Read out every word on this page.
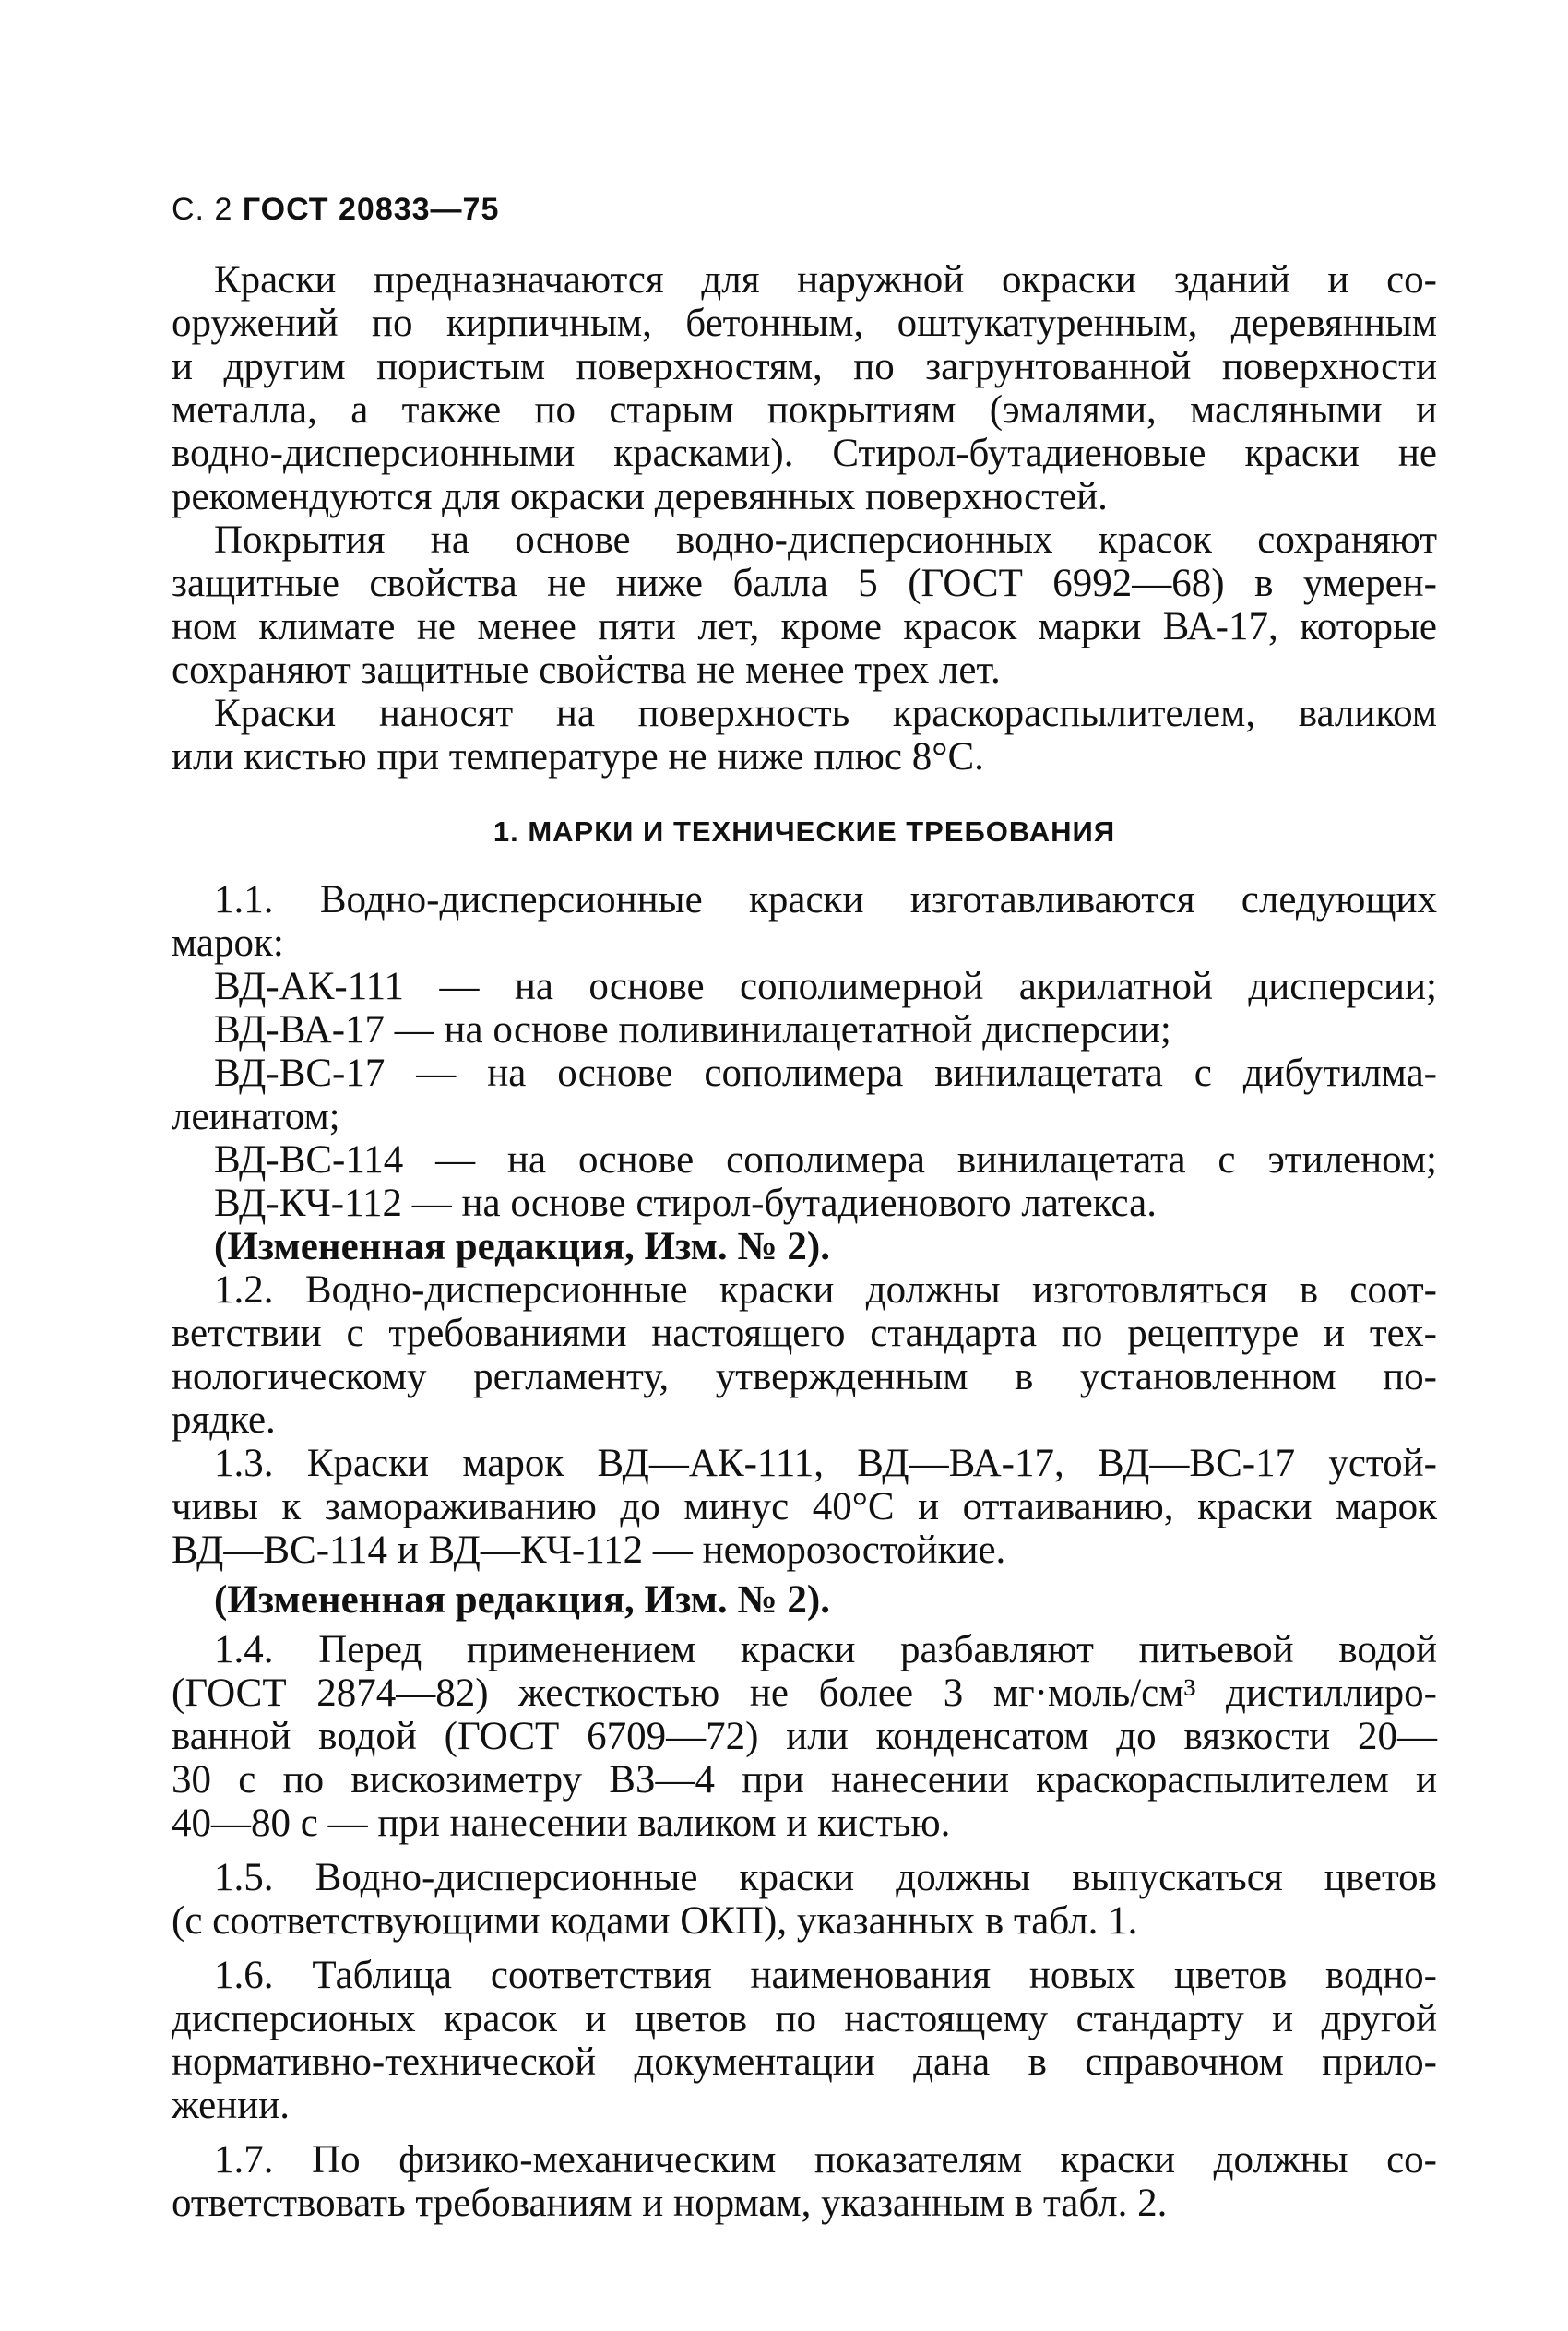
С. 2 ГОСТ 20833—75
Краски предназначаются для наружной окраски зданий и со-
оружений по кирпичным, бетонным, оштукатуренным, деревянным
и другим пористым поверхностям, по загрунтованной поверхности
металла, а также по старым покрытиям (эмалями, масляными и
водно-дисперсионными красками). Стирол-бутадиеновые краски не
рекомендуются для окраски деревянных поверхностей.
Покрытия на основе водно-дисперсионных красок сохраняют
защитные свойства не ниже балла 5 (ГОСТ 6992—68) в умерен-
ном климате не менее пяти лет, кроме красок марки ВА-17, которые
сохраняют защитные свойства не менее трех лет.
Краски наносят на поверхность краскораспылителем, валиком
или кистью при температуре не ниже плюс 8°С.
1. МАРКИ И ТЕХНИЧЕСКИЕ ТРЕБОВАНИЯ
1.1. Водно-дисперсионные краски изготавливаются следующих
марок:
ВД-АК-111 — на основе сополимерной акрилатной дисперсии;
ВД-ВА-17 — на основе поливинилацетатной дисперсии;
ВД-ВС-17 — на основе сополимера винилацетата с дибутилма-
леинатом;
ВД-ВС-114 — на основе сополимера винилацетата с этиленом;
ВД-КЧ-112 — на основе стирол-бутадиенового латекса.
(Измененная редакция, Изм. № 2).
1.2. Водно-дисперсионные краски должны изготовляться в соот-
ветствии с требованиями настоящего стандарта по рецептуре и тех-
нологическому регламенту, утвержденным в установленном по-
рядке.
1.3. Краски марок ВД—АК-111, ВД—ВА-17, ВД—ВС-17 устой-
чивы к замораживанию до минус 40°С и оттаиванию, краски марок
ВД—ВС-114 и ВД—КЧ-112 — неморозостойкие.
(Измененная редакция, Изм. № 2).
1.4. Перед применением краски разбавляют питьевой водой
(ГОСТ 2874—82) жесткостью не более 3 мг·моль/см³ дистиллиро-
ванной водой (ГОСТ 6709—72) или конденсатом до вязкости 20—
30 с по вискозиметру ВЗ—4 при нанесении краскораспылителем и
40—80 с — при нанесении валиком и кистью.
1.5. Водно-дисперсионные краски должны выпускаться цветов
(с соответствующими кодами ОКП), указанных в табл. 1.
1.6. Таблица соответствия наименования новых цветов водно-
дисперсионых красок и цветов по настоящему стандарту и другой
нормативно-технической документации дана в справочном прило-
жении.
1.7. По физико-механическим показателям краски должны со-
ответствовать требованиям и нормам, указанным в табл. 2.
